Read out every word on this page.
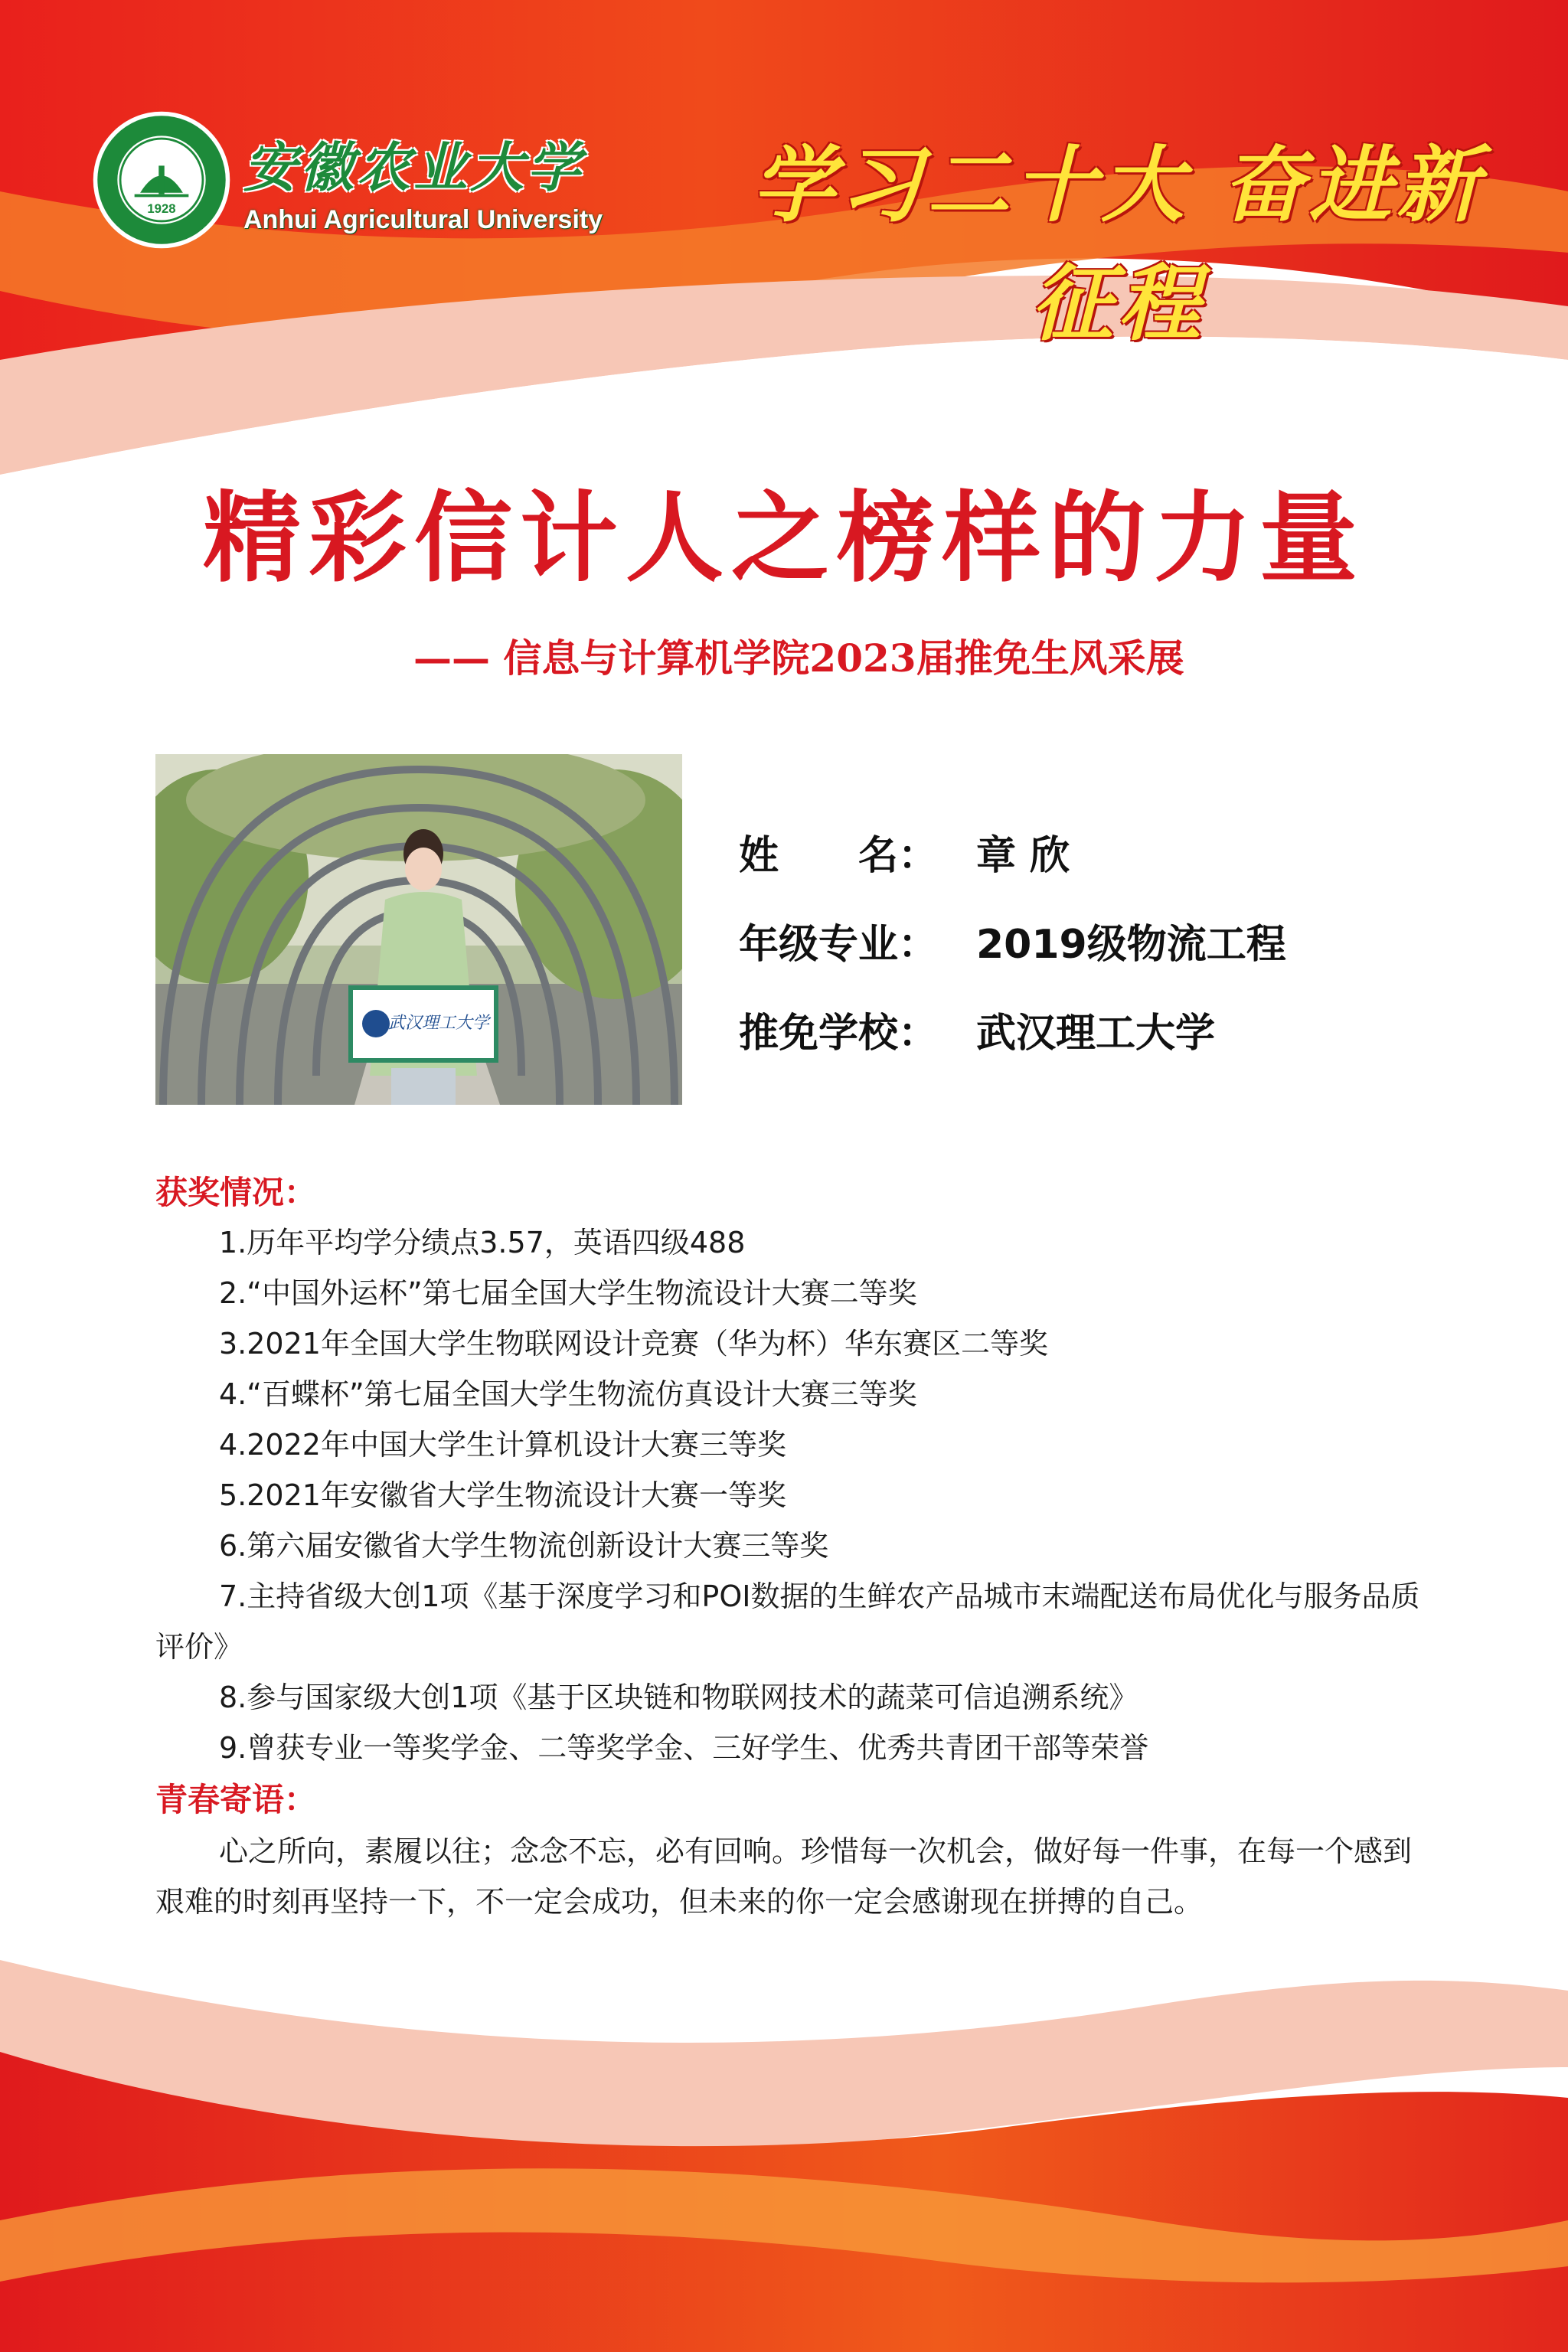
1928
安徽农业大学
Anhui Agricultural University 学习二十大 奋进新征程
精彩信计人之榜样的力量
—— 信息与计算机学院2023届推免生风采展
武汉理工大学
姓　　名： 章 欣
年级专业： 2019级物流工程
推免学校： 武汉理工大学
获奖情况：
1.历年平均学分绩点3.57，英语四级488
2.“中国外运杯”第七届全国大学生物流设计大赛二等奖
3.2021年全国大学生物联网设计竞赛（华为杯）华东赛区二等奖
4.“百蝶杯”第七届全国大学生物流仿真设计大赛三等奖
4.2022年中国大学生计算机设计大赛三等奖
5.2021年安徽省大学生物流设计大赛一等奖
6.第六届安徽省大学生物流创新设计大赛三等奖
7.主持省级大创1项《基于深度学习和POI数据的生鲜农产品城市末端配送布局优化与服务品质评价》
8.参与国家级大创1项《基于区块链和物联网技术的蔬菜可信追溯系统》
9.曾获专业一等奖学金、二等奖学金、三好学生、优秀共青团干部等荣誉
青春寄语：
心之所向，素履以往；念念不忘，必有回响。珍惜每一次机会，做好每一件事，在每一个感到艰难的时刻再坚持一下，不一定会成功，但未来的你一定会感谢现在拼搏的自己。
